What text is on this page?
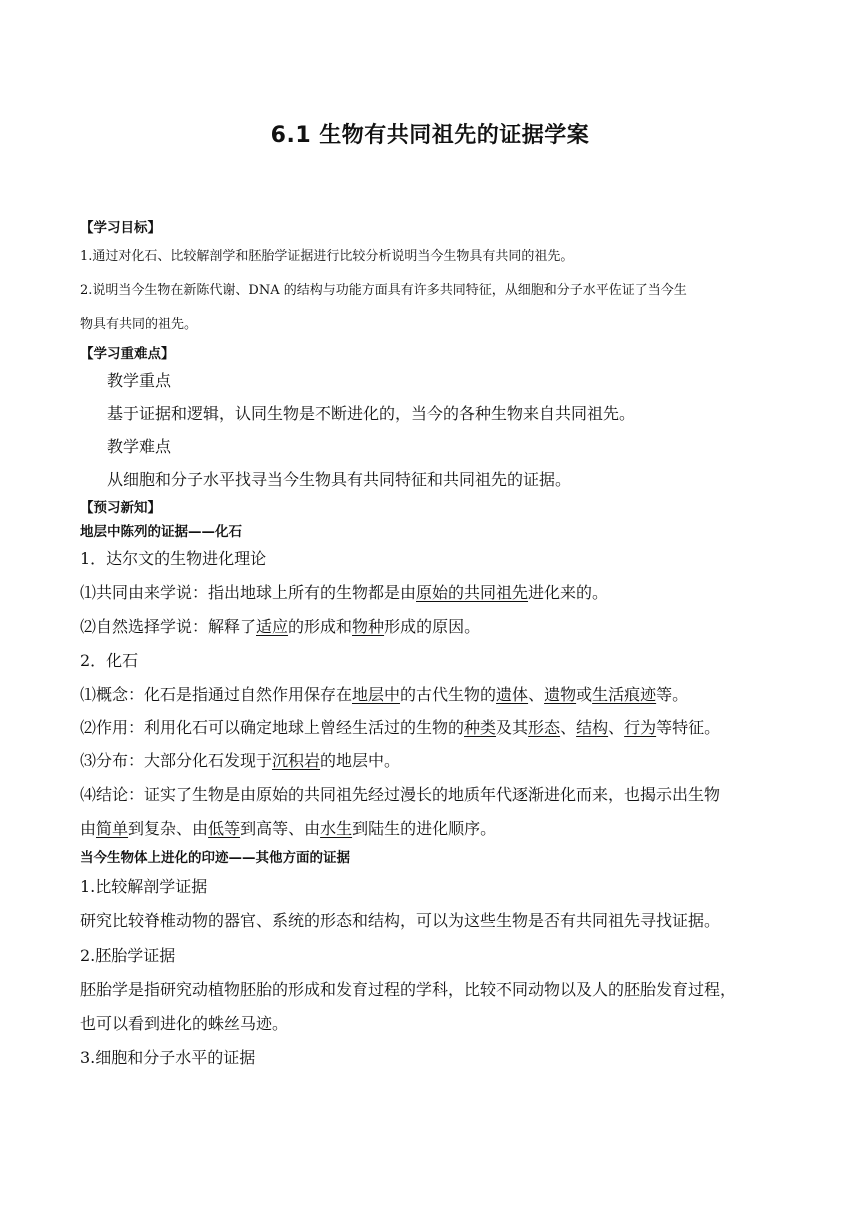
6.1 生物有共同祖先的证据学案
【学习目标】
1.通过对化石、比较解剖学和胚胎学证据进行比较分析说明当今生物具有共同的祖先。
2.说明当今生物在新陈代谢、DNA 的结构与功能方面具有许多共同特征，从细胞和分子水平佐证了当今生
物具有共同的祖先。
【学习重难点】
教学重点
基于证据和逻辑，认同生物是不断进化的，当今的各种生物来自共同祖先。
教学难点
从细胞和分子水平找寻当今生物具有共同特征和共同祖先的证据。
【预习新知】
地层中陈列的证据——化石
1．达尔文的生物进化理论
⑴共同由来学说：指出地球上所有的生物都是由原始的共同祖先进化来的。
⑵自然选择学说：解释了适应的形成和物种形成的原因。
2．化石
⑴概念：化石是指通过自然作用保存在地层中的古代生物的遗体、遗物或生活痕迹等。
⑵作用：利用化石可以确定地球上曾经生活过的生物的种类及其形态、结构、行为等特征。
⑶分布：大部分化石发现于沉积岩的地层中。
⑷结论：证实了生物是由原始的共同祖先经过漫长的地质年代逐渐进化而来，也揭示出生物
由简单到复杂、由低等到高等、由水生到陆生的进化顺序。
当今生物体上进化的印迹——其他方面的证据
1.比较解剖学证据
研究比较脊椎动物的器官、系统的形态和结构，可以为这些生物是否有共同祖先寻找证据。
2.胚胎学证据
胚胎学是指研究动植物胚胎的形成和发育过程的学科，比较不同动物以及人的胚胎发育过程，
也可以看到进化的蛛丝马迹。
3.细胞和分子水平的证据
